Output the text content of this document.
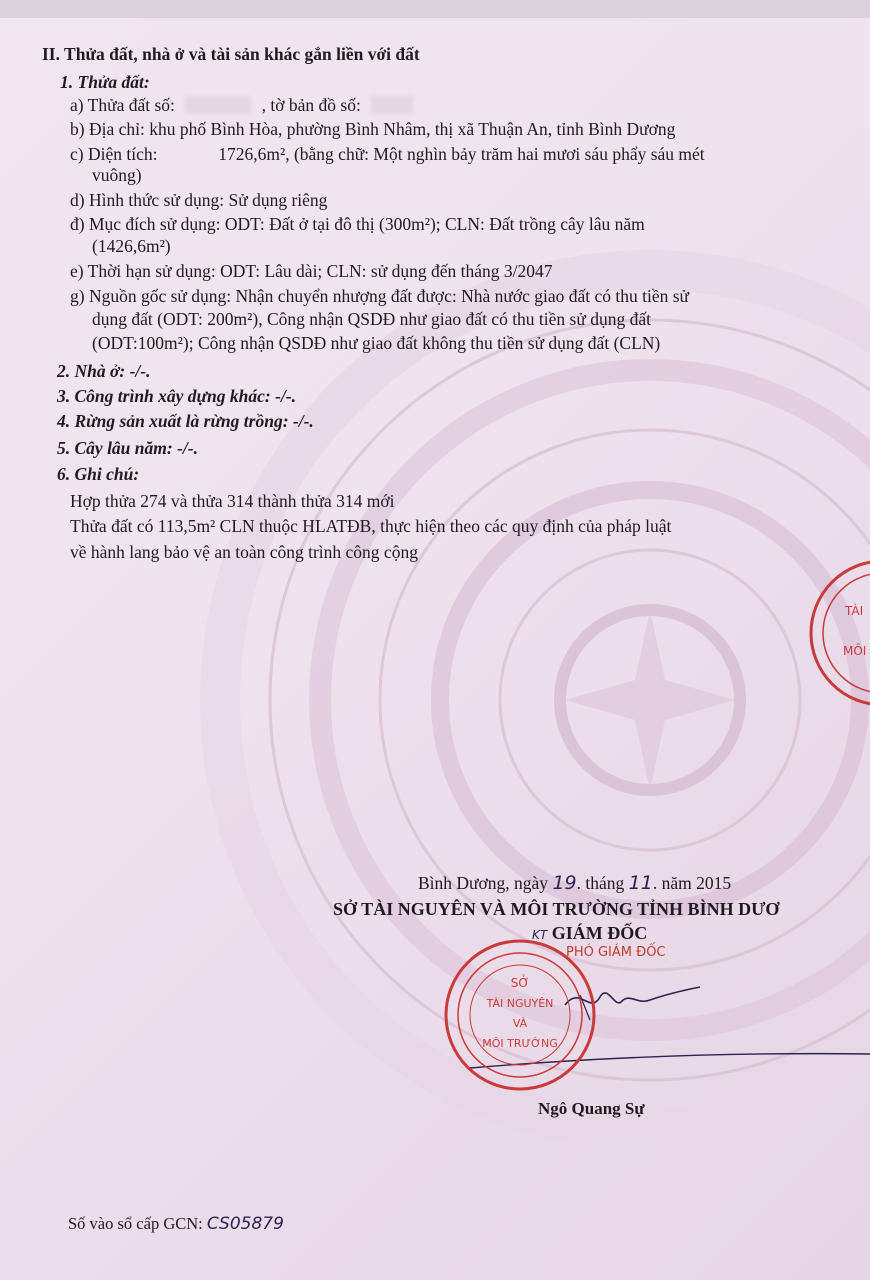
II. Thửa đất, nhà ở và tài sản khác gắn liền với đất
1. Thửa đất:
a) Thửa đất số:	, tờ bản đồ số:
b) Địa chỉ: khu phố Bình Hòa, phường Bình Nhâm, thị xã Thuận An, tỉnh Bình Dương
c) Diện tích:	1726,6m², (bằng chữ: Một nghìn bảy trăm hai mươi sáu phẩy sáu mét
vuông)
d) Hình thức sử dụng: Sử dụng riêng
đ) Mục đích sử dụng: ODT: Đất ở tại đô thị (300m²); CLN: Đất trồng cây lâu năm
(1426,6m²)
e) Thời hạn sử dụng: ODT: Lâu dài; CLN: sử dụng đến tháng 3/2047
g) Nguồn gốc sử dụng: Nhận chuyển nhượng đất được: Nhà nước giao đất có thu tiền sử
dụng đất (ODT: 200m²), Công nhận QSDĐ như giao đất có thu tiền sử dụng đất
(ODT:100m²); Công nhận QSDĐ như giao đất không thu tiền sử dụng đất (CLN)
2. Nhà ở: -/-.
3. Công trình xây dựng khác: -/-.
4. Rừng sản xuất là rừng trồng: -/-.
5. Cây lâu năm: -/-.
6. Ghi chú:
Hợp thửa 274 và thửa 314 thành thửa 314 mới
Thửa đất có 113,5m² CLN thuộc HLATĐB, thực hiện theo các quy định của pháp luật
về hành lang bảo vệ an toàn công trình công cộng
Bình Dương, ngày 19. tháng 11. năm 2015
SỞ TÀI NGUYÊN VÀ MÔI TRƯỜNG TỈNH BÌNH DƯƠ
KT GIÁM ĐỐC
PHÓ GIÁM ĐỐC
Ngô Quang Sự
SỞ
TÀI NGUYÊN
VÀ
MÔI TRƯỜNG
TÀI
MÔI
Số vào sổ cấp GCN: CS05879
